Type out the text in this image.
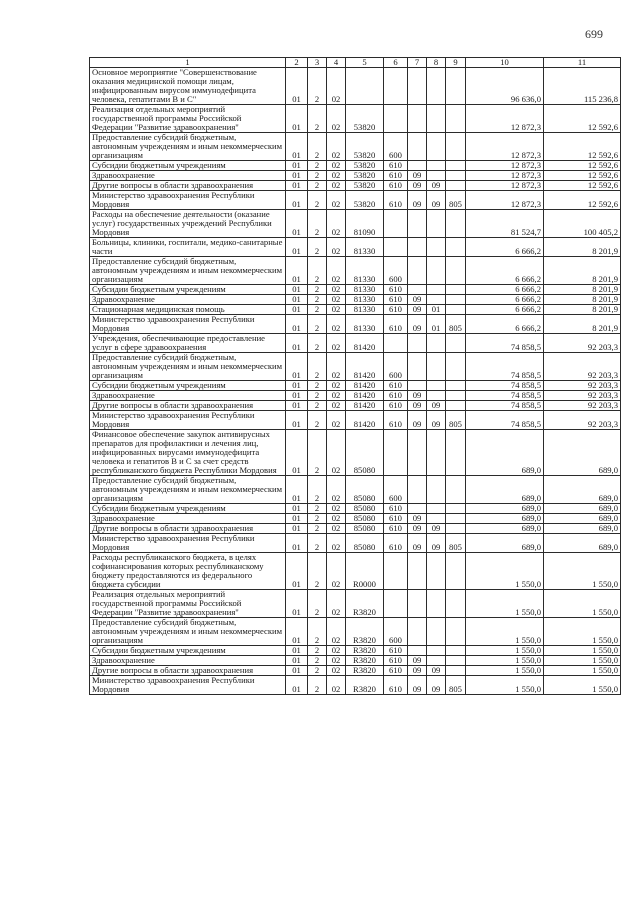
699
1	2	3	4	5	6	7	8	9	10	11
Основное мероприятие "Совершенствование оказания медицинской помощи лицам, инфицированным вирусом иммунодефицита человека, гепатитами В и С"	01	2	02						96 636,0	115 236,8
Реализация отдельных мероприятий государственной программы Российской Федерации "Развитие здравоохранения"	01	2	02	53820					12 872,3	12 592,6
Предоставление субсидий бюджетным, автономным учреждениям и иным некоммерческим организациям	01	2	02	53820	600				12 872,3	12 592,6
Субсидии бюджетным учреждениям	01	2	02	53820	610				12 872,3	12 592,6
Здравоохранение	01	2	02	53820	610	09			12 872,3	12 592,6
Другие вопросы в области здравоохранения	01	2	02	53820	610	09	09		12 872,3	12 592,6
Министерство здравоохранения Республики Мордовия	01	2	02	53820	610	09	09	805	12 872,3	12 592,6
Расходы на обеспечение деятельности (оказание услуг) государственных учреждений Республики Мордовия	01	2	02	81090					81 524,7	100 405,2
Больницы, клиники, госпитали, медико-санитарные части	01	2	02	81330					6 666,2	8 201,9
Предоставление субсидий бюджетным, автономным учреждениям и иным некоммерческим организациям	01	2	02	81330	600				6 666,2	8 201,9
Субсидии бюджетным учреждениям	01	2	02	81330	610				6 666,2	8 201,9
Здравоохранение	01	2	02	81330	610	09			6 666,2	8 201,9
Стационарная медицинская помощь	01	2	02	81330	610	09	01		6 666,2	8 201,9
Министерство здравоохранения Республики Мордовия	01	2	02	81330	610	09	01	805	6 666,2	8 201,9
Учреждения, обеспечивающие предоставление услуг в сфере здравоохранения	01	2	02	81420					74 858,5	92 203,3
Предоставление субсидий бюджетным, автономным учреждениям и иным некоммерческим организациям	01	2	02	81420	600				74 858,5	92 203,3
Субсидии бюджетным учреждениям	01	2	02	81420	610				74 858,5	92 203,3
Здравоохранение	01	2	02	81420	610	09			74 858,5	92 203,3
Другие вопросы в области здравоохранения	01	2	02	81420	610	09	09		74 858,5	92 203,3
Министерство здравоохранения Республики Мордовия	01	2	02	81420	610	09	09	805	74 858,5	92 203,3
Финансовое обеспечение закупок антивирусных препаратов для профилактики и лечения лиц, инфицированных вирусами иммунодефицита человека и гепатитов В и С за счет средств республиканского бюджета Республики Мордовия	01	2	02	85080					689,0	689,0
Предоставление субсидий бюджетным, автономным учреждениям и иным некоммерческим организациям	01	2	02	85080	600				689,0	689,0
Субсидии бюджетным учреждениям	01	2	02	85080	610				689,0	689,0
Здравоохранение	01	2	02	85080	610	09			689,0	689,0
Другие вопросы в области здравоохранения	01	2	02	85080	610	09	09		689,0	689,0
Министерство здравоохранения Республики Мордовия	01	2	02	85080	610	09	09	805	689,0	689,0
Расходы республиканского бюджета, в целях софинансирования которых республиканскому бюджету предоставляются из федерального бюджета субсидии	01	2	02	R0000					1 550,0	1 550,0
Реализация отдельных мероприятий государственной программы Российской Федерации "Развитие здравоохранения"	01	2	02	R3820					1 550,0	1 550,0
Предоставление субсидий бюджетным, автономным учреждениям и иным некоммерческим организациям	01	2	02	R3820	600				1 550,0	1 550,0
Субсидии бюджетным учреждениям	01	2	02	R3820	610				1 550,0	1 550,0
Здравоохранение	01	2	02	R3820	610	09			1 550,0	1 550,0
Другие вопросы в области здравоохранения	01	2	02	R3820	610	09	09		1 550,0	1 550,0
Министерство здравоохранения Республики Мордовия	01	2	02	R3820	610	09	09	805	1 550,0	1 550,0
